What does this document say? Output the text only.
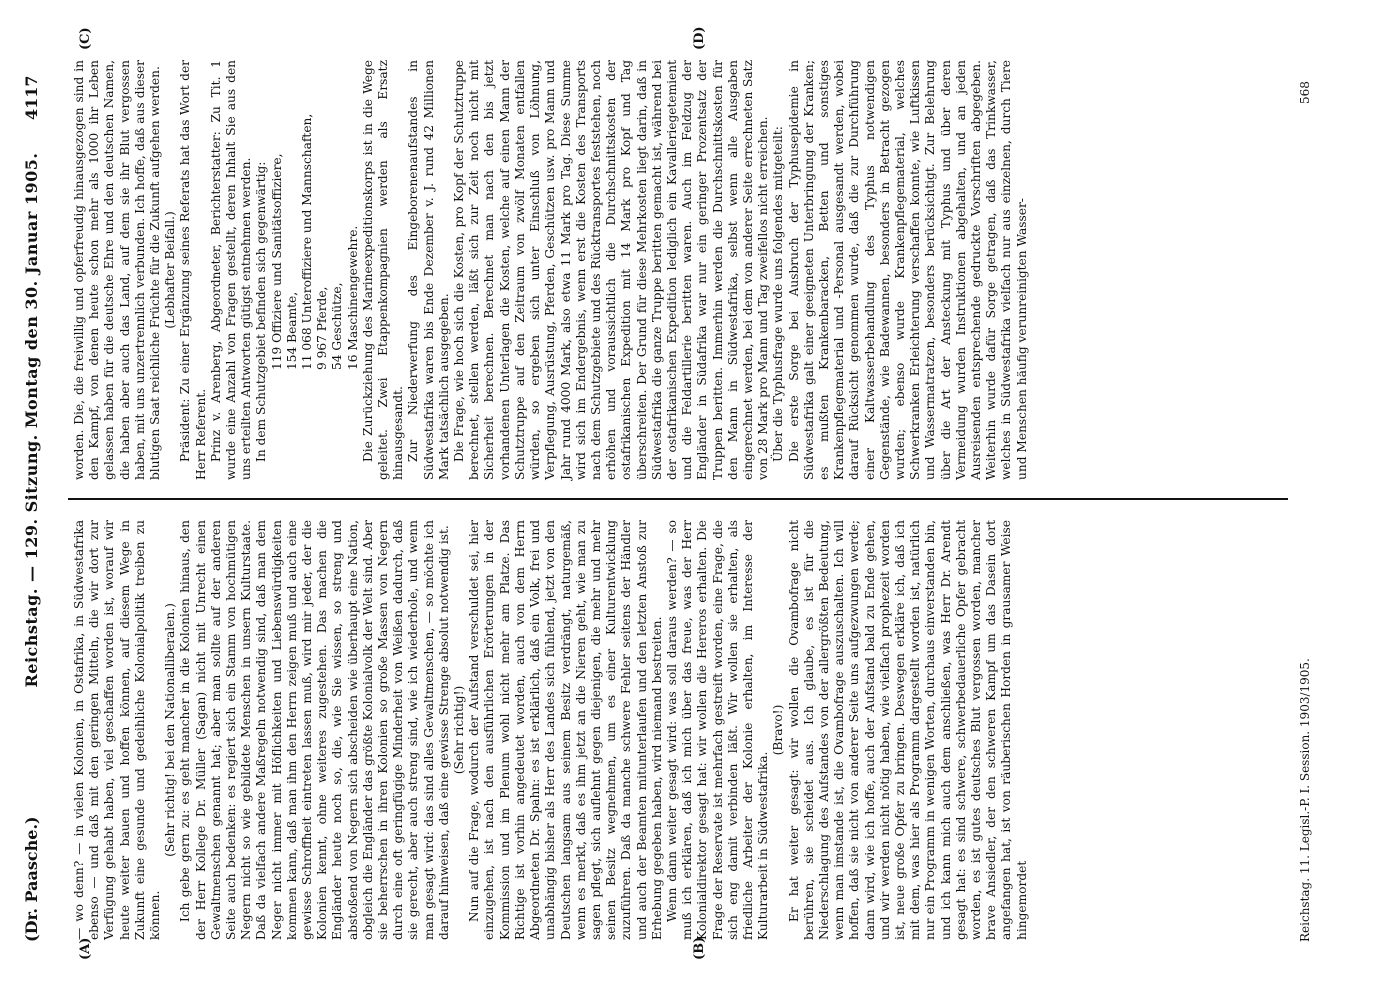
(Dr. Paasche.)
Reichstag. — 129. Sitzung. Montag den 30. Januar 1905.
4117
(A)	(B)
(C)	(D)

— wo denn? — in vielen Kolonien, in Ostafrika, in Südwestafrika ebenso — und daß mit den geringen Mitteln, die wir dort zur Verfügung gehabt haben, viel geschaffen worden ist, worauf wir heute weiter bauen und hoffen können, auf diesem Wege in Zukunft eine gesunde und gedeihliche Kolonialpolitik treiben zu können.

(Sehr richtig! bei den Nationalliberalen.) Ich gebe gern zu: es geht mancher in die Kolonien hinaus, den der Herr Kollege Dr. Müller (Sagan) nicht mit Unrecht einen Gewaltmenschen genannt hat; aber man sollte auf der anderen Seite auch bedenken: es regiert sich ein Stamm von hochmütigen Negern nicht so wie gebildete Menschen in unsern Kulturstaate. Daß da vielfach andere Maßregeln notwendig sind, daß man dem Neger nicht immer mit Höflichkeiten und Liebenswürdigkeiten kommen kann, daß man ihm den Herrn zeigen muß und auch eine gewisse Schroffheit eintreten lassen muß, wird mir jeder, der die Kolonien kennt, ohne weiteres zugestehen. Das machen die Engländer heute noch so, die, wie Sie wissen, so streng und abstoßend von Negern sich abscheiden wie überhaupt eine Nation, obgleich die Engländer das größte Kolonialvolk der Welt sind. Aber sie beherrschen in ihren Kolonien so große Massen von Negern durch eine oft geringfügige Minderheit von Weißen dadurch, daß sie gerecht, aber auch streng sind, wie ich wiederhole, und wenn man gesagt wird: das sind alles Gewaltmenschen, — so möchte ich darauf hinweisen, daß eine gewisse Strenge absolut notwendig ist. (Sehr richtig!) Nun auf die Frage, wodurch der Aufstand verschuldet sei, hier einzugehen, ist nach den ausführlichen Erörterungen in der Kommission und im Plenum wohl nicht mehr am Platze. Das Richtige ist vorhin angedeutet worden, auch von dem Herrn Abgeordneten Dr. Spahn: es ist erklärlich, daß ein Volk, frei und unabhängig bisher als Herr des Landes sich fühlend, jetzt von den Deutschen langsam aus seinem Besitz verdrängt, naturgemäß, wenn es merkt, daß es ihm jetzt an die Nieren geht, wie man zu sagen pflegt, sich auflehnt gegen diejenigen, die mehr und mehr seinen Besitz wegnehmen, um es einer Kulturentwicklung zuzuführen. Daß da manche schwere Fehler seitens der Händler und auch der Beamten mitunterlaufen und den letzten Anstoß zur Erhebung gegeben haben, wird niemand bestreiten. Wenn dann weiter gesagt wird: was soll daraus werden? — so muß ich erklären, daß ich mich über das freue, was der Herr Kolonialdirektor gesagt hat: wir wollen die Hereros erhalten. Die Frage der Reservate ist mehrfach gestreift worden, eine Frage, die sich eng damit verbinden läßt. Wir wollen sie erhalten, als friedliche Arbeiter der Kolonie erhalten, im Interesse der Kulturarbeit in Südwestafrika.

(Bravo!) Er hat weiter gesagt: wir wollen die Ovambofrage nicht berühren, sie scheidet aus. Ich glaube, es ist für die Niederschlagung des Aufstandes von der allergrößten Bedeutung, wenn man imstande ist, die Ovambofrage auszuschalten. Ich will hoffen, daß sie nicht von anderer Seite uns aufgezwungen werde; dann wird, wie ich hoffe, auch der Aufstand bald zu Ende gehen, und wir werden nicht nötig haben, wie vielfach prophezeit worden ist, neue große Opfer zu bringen. Deswegen erkläre ich, daß ich mit dem, was hier als Programm dargestellt worden ist, natürlich nur ein Programm in wenigen Worten, durchaus einverstanden bin, und ich kann mich auch dem anschließen, was Herr Dr. Arendt gesagt hat: es sind schwere, schwerbedauerliche Opfer gebracht worden, es ist gutes deutsches Blut vergossen worden, mancher brave Ansiedler, der den schweren Kampf um das Dasein dort angefangen hat, ist von räuberischen Horden in grausamer Weise hingemordet

worden. Die, die freiwillig und opferfreudig hinausgezogen sind in den Kampf, von denen heute schon mehr als 1000 ihr Leben gelassen haben für die deutsche Ehre und den deutschen Namen, die haben aber auch das Land, auf dem sie ihr Blut vergossen haben, mit uns unzertrennlich verbunden. Ich hoffe, daß aus dieser blutigen Saat reichliche Früchte für die Zukunft aufgehen werden. (Lebhafter Beifall.) Präsident: Zu einer Ergänzung seines Referats hat das Wort der Herr Referent. Prinz v. Arenberg, Abgeordneter, Berichterstatter: Zu Tit. 1 wurde eine Anzahl von Fragen gestellt, deren Inhalt Sie aus den uns erteilten Antworten gütigst entnehmen werden. In dem Schutzgebiet befinden sich gegenwärtig: 119 Offiziere und Sanitätsoffiziere, 154 Beamte, 11 068 Unteroffiziere und Mannschaften, 9 967 Pferde, 54 Geschütze, 16 Maschinengewehre. Die Zurückziehung des Marineexpeditionskorps ist in die Wege geleitet. Zwei Etappenkompagnien werden als Ersatz hinausgesandt. Zur Niederwerfung des Eingeborenenaufstandes in Südwestafrika waren bis Ende Dezember v. J. rund 42 Millionen Mark tatsächlich ausgegeben. Die Frage, wie hoch sich die Kosten, pro Kopf der Schutztruppe berechnet, stellen werden, läßt sich zur Zeit noch nicht mit Sicherheit berechnen. Berechnet man nach den bis jetzt vorhandenen Unterlagen die Kosten, welche auf einen Mann der Schutztruppe auf den Zeitraum von zwölf Monaten entfallen würden, so ergeben sich unter Einschluß von Löhnung, Verpflegung, Ausrüstung, Pferden, Geschützen usw. pro Mann und Jahr rund 4000 Mark, also etwa 11 Mark pro Tag. Diese Summe wird sich im Endergebnis, wenn erst die Kosten des Transports nach dem Schutzgebiete und des Rücktransportes feststehen, noch erhöhen und voraussichtlich die Durchschnittskosten der ostafrikanischen Expedition mit 14 Mark pro Kopf und Tag überschreiten. Der Grund für diese Mehrkosten liegt darin, daß in Südwestafrika die ganze Truppe beritten gemacht ist, während bei der ostafrikanischen Expedition lediglich ein Kavalleriegetemient und die Feldartillerie beritten waren. Auch im Feldzug der Engländer in Südafrika war nur ein geringer Prozentsatz der Truppen beritten. Immerhin werden die Durchschnittskosten für den Mann in Südwestafrika, selbst wenn alle Ausgaben eingerechnet werden, bei dem von anderer Seite errechneten Satz von 28 Mark pro Mann und Tag zweifellos nicht erreichen. Über die Typhusfrage wurde uns folgendes mitgeteilt: Die erste Sorge bei Ausbruch der Typhusepidemie in Südwestafrika galt einer geeigneten Unterbringung der Kranken; es mußten Krankenbaracken, Betten und sonstiges Krankenpflegematerial und -Personal ausgesandt werden, wobei darauf Rücksicht genommen wurde, daß die zur Durchführung einer Kaltwasserbehandlung des Typhus notwendigen Gegenstände, wie Badewannen, besonders in Betracht gezogen wurden; ebenso wurde Krankenpflegematerial, welches Schwerkranken Erleichterung verschaffen konnte, wie Luftkissen und Wassermatratzen, besonders berücksichtigt. Zur Belehrung über die Art der Ansteckung mit Typhus und über deren Vermeidung wurden Instruktionen abgehalten, und an jeden Ausreisenden entsprechende gedruckte Vorschriften abgegeben. Weiterhin wurde dafür Sorge getragen, daß das Trinkwasser, welches in Südwestafrika vielfach nur aus einzelnen, durch Tiere und Menschen häufig verunreinigten Wasser-

Reichstag. 11. Legisl.-P. I. Session. 1903/1905.
568
